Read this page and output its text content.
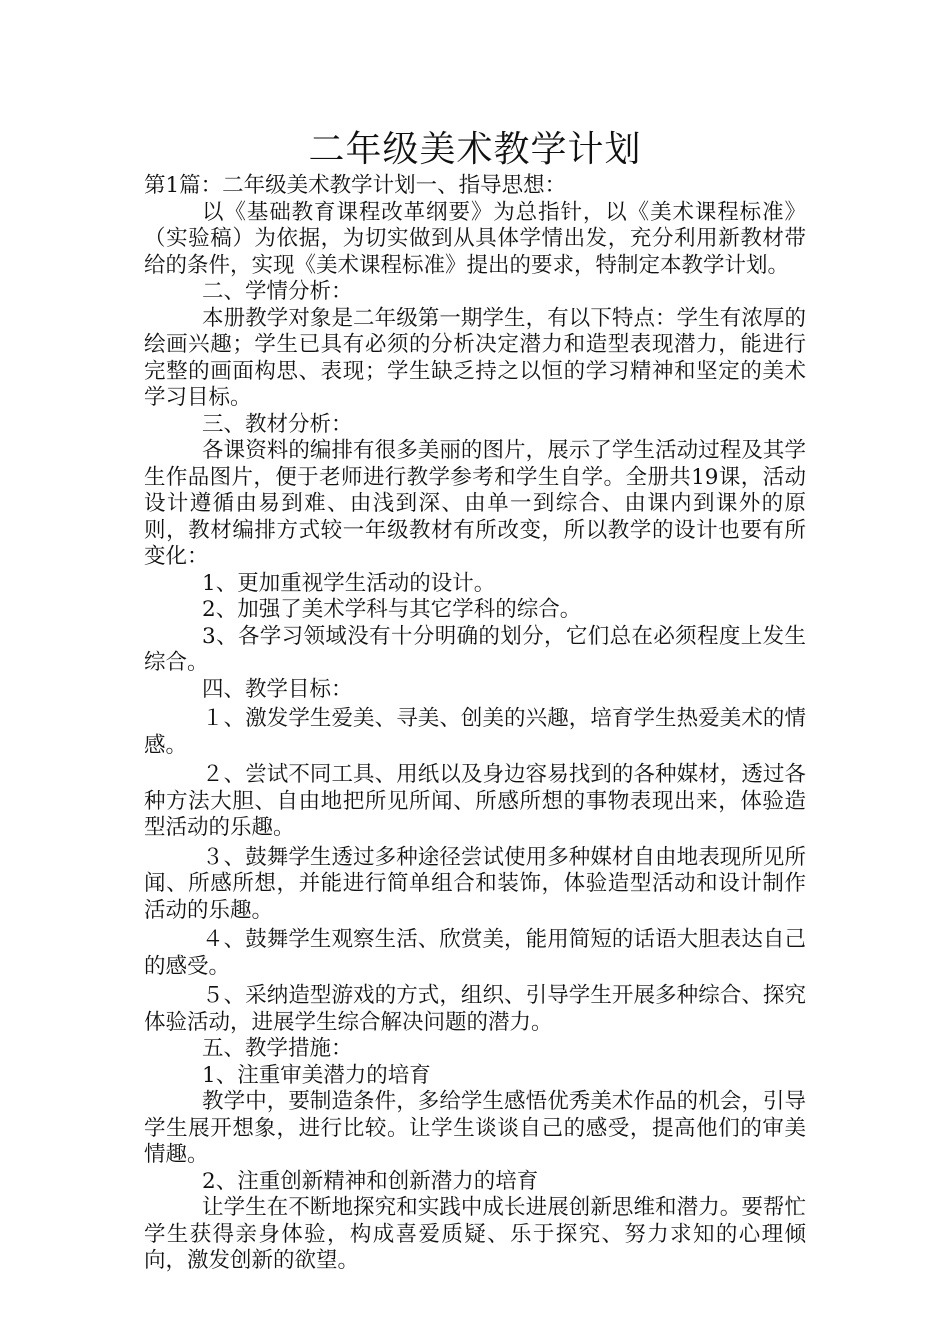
二年级美术教学计划

第1篇：二年级美术教学计划一、指导思想：

以《基础教育课程改革纲要》为总指针，以《美术课程标准》（实验稿）为依据，为切实做到从具体学情出发，充分利用新教材带给的条件，实现《美术课程标准》提出的要求，特制定本教学计划。

二、学情分析：

本册教学对象是二年级第一期学生，有以下特点：学生有浓厚的绘画兴趣；学生已具有必须的分析决定潜力和造型表现潜力，能进行完整的画面构思、表现；学生缺乏持之以恒的学习精神和坚定的美术学习目标。

三、教材分析：

各课资料的编排有很多美丽的图片，展示了学生活动过程及其学生作品图片，便于老师进行教学参考和学生自学。全册共19课，活动设计遵循由易到难、由浅到深、由单一到综合、由课内到课外的原则，教材编排方式较一年级教材有所改变，所以教学的设计也要有所变化：

1、更加重视学生活动的设计。

2、加强了美术学科与其它学科的综合。

3、各学习领域没有十分明确的划分，它们总在必须程度上发生综合。

四、教学目标：

１、激发学生爱美、寻美、创美的兴趣，培育学生热爱美术的情感。

２、尝试不同工具、用纸以及身边容易找到的各种媒材，透过各种方法大胆、自由地把所见所闻、所感所想的事物表现出来，体验造型活动的乐趣。

３、鼓舞学生透过多种途径尝试使用多种媒材自由地表现所见所闻、所感所想，并能进行简单组合和装饰，体验造型活动和设计制作活动的乐趣。

４、鼓舞学生观察生活、欣赏美，能用简短的话语大胆表达自己的感受。

５、采纳造型游戏的方式，组织、引导学生开展多种综合、探究体验活动，进展学生综合解决问题的潜力。

五、教学措施：

1、注重审美潜力的培育

教学中，要制造条件，多给学生感悟优秀美术作品的机会，引导学生展开想象，进行比较。让学生谈谈自己的感受，提高他们的审美情趣。

2、注重创新精神和创新潜力的培育

让学生在不断地探究和实践中成长进展创新思维和潜力。要帮忙学生获得亲身体验，构成喜爱质疑、乐于探究、努力求知的心理倾向，激发创新的欲望。
